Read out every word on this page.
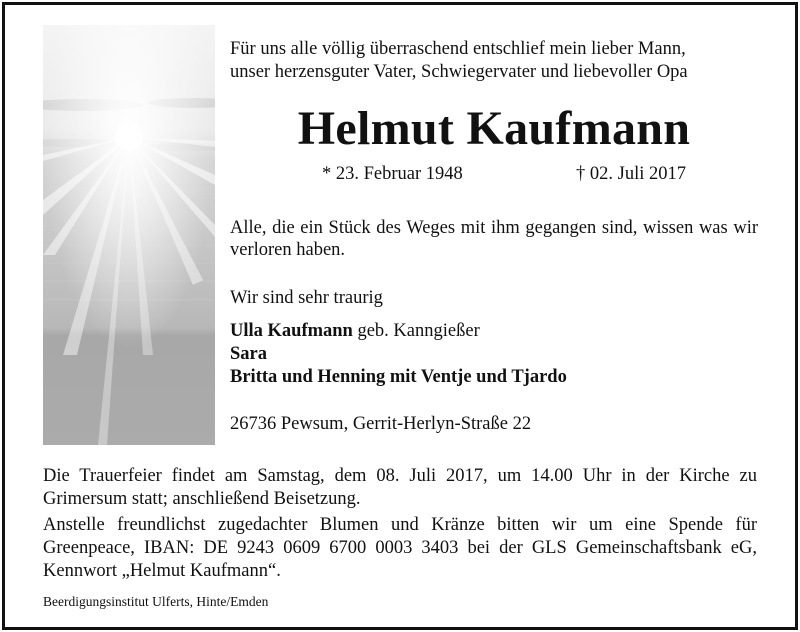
Für uns alle völlig überraschend entschlief mein lieber Mann,
unser herzensguter Vater, Schwiegervater und liebevoller Opa
Helmut Kaufmann
* 23. Februar 1948	† 02. Juli 2017
Alle, die ein Stück des Weges mit ihm gegangen sind, wissen was wir verloren haben.
Wir sind sehr traurig
Ulla Kaufmann geb. Kanngießer
Sara
Britta und Henning mit Ventje und Tjardo
26736 Pewsum, Gerrit-Herlyn-Straße 22
Die Trauerfeier findet am Samstag, dem 08. Juli 2017, um 14.00 Uhr in der Kirche zu Grimersum statt; anschließend Beisetzung.
Anstelle freundlichst zugedachter Blumen und Kränze bitten wir um eine Spende für Greenpeace, IBAN: DE 9243 0609 6700 0003 3403 bei der GLS Gemeinschaftsbank eG, Kennwort „Helmut Kaufmann“.
Beerdigungsinstitut Ulferts, Hinte/Emden
